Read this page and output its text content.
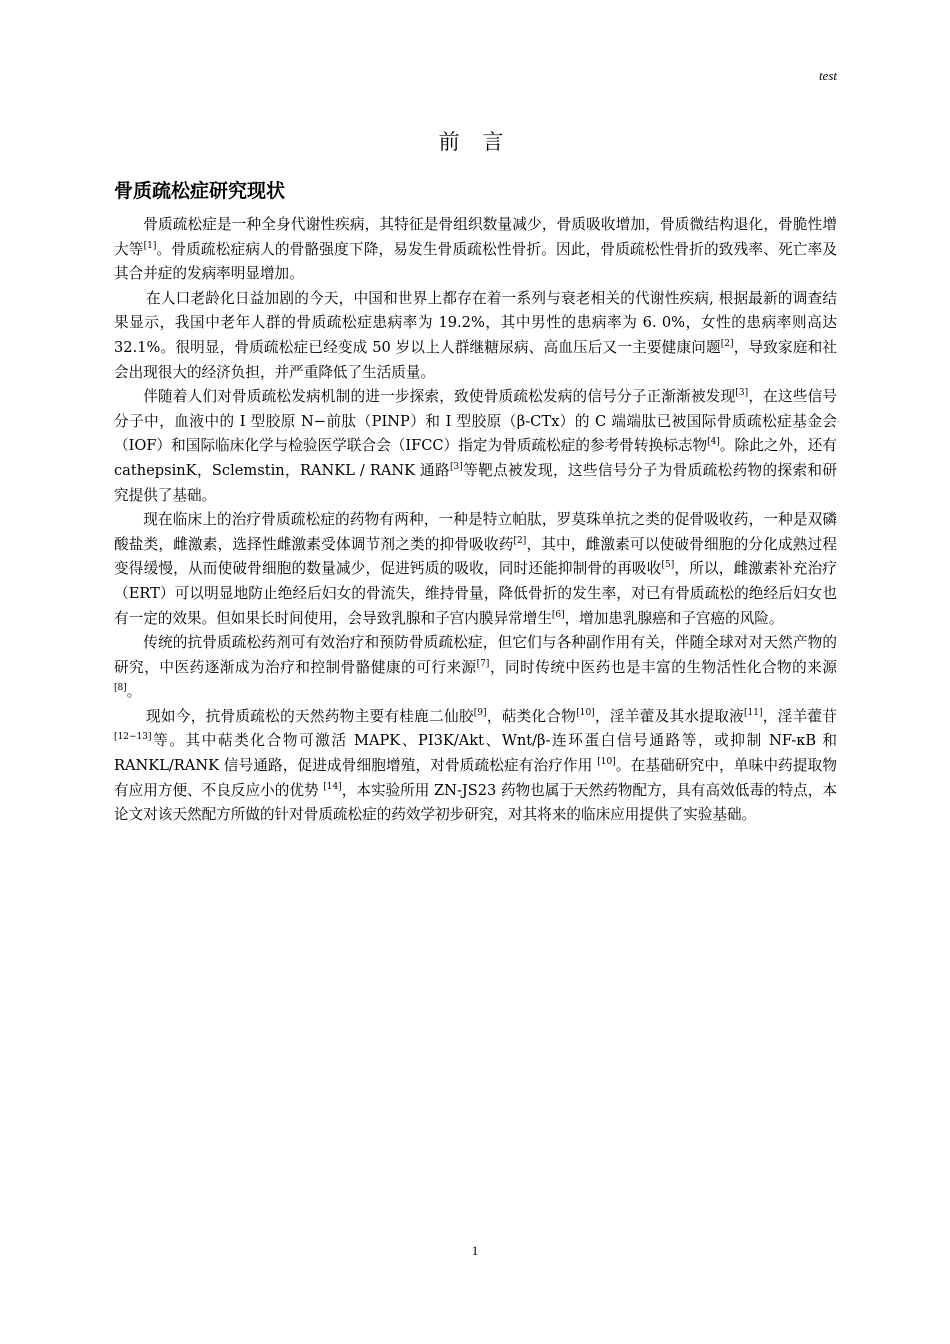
test
前 言
骨质疏松症研究现状

骨质疏松症是一种全身代谢性疾病，其特征是骨组织数量减少，骨质吸收增加，骨质微结构退化，骨脆性增大等[1]。骨质疏松症病人的骨骼强度下降，易发生骨质疏松性骨折。因此，骨质疏松性骨折的致残率、死亡率及其合并症的发病率明显增加。

在人口老龄化日益加剧的今天，中国和世界上都存在着一系列与衰老相关的代谢性疾病, 根据最新的调查结果显示，我国中老年人群的骨质疏松症患病率为 19.2%，其中男性的患病率为 6. 0%，女性的患病率则高达 32.1%。很明显，骨质疏松症已经变成 50 岁以上人群继糖尿病、高血压后又一主要健康问题[2]，导致家庭和社会出现很大的经济负担，并严重降低了生活质量。

伴随着人们对骨质疏松发病机制的进一步探索，致使骨质疏松发病的信号分子正渐渐被发现[3]，在这些信号分子中，血液中的 I 型胶原 N−前肽（PINP）和 I 型胶原（β-CTx）的 C 端端肽已被国际骨质疏松症基金会（IOF）和国际临床化学与检验医学联合会（IFCC）指定为骨质疏松症的参考骨转换标志物[4]。除此之外，还有 cathepsinK，Sclemstin，RANKL / RANK 通路[3]等靶点被发现，这些信号分子为骨质疏松药物的探索和研究提供了基础。

现在临床上的治疗骨质疏松症的药物有两种，一种是特立帕肽，罗莫珠单抗之类的促骨吸收药，一种是双磷酸盐类，雌激素，选择性雌激素受体调节剂之类的抑骨吸收药[2]，其中，雌激素可以使破骨细胞的分化成熟过程变得缓慢，从而使破骨细胞的数量减少，促进钙质的吸收，同时还能抑制骨的再吸收[5]，所以，雌激素补充治疗（ERT）可以明显地防止绝经后妇女的骨流失，维持骨量，降低骨折的发生率，对已有骨质疏松的绝经后妇女也有一定的效果。但如果长时间使用，会导致乳腺和子宫内膜异常增生[6]，增加患乳腺癌和子宫癌的风险。

传统的抗骨质疏松药剂可有效治疗和预防骨质疏松症，但它们与各种副作用有关，伴随全球对对天然产物的研究，中医药逐渐成为治疗和控制骨骼健康的可行来源[7]，同时传统中医药也是丰富的生物活性化合物的来源[8]。

现如今，抗骨质疏松的天然药物主要有桂鹿二仙胶[9]，萜类化合物[10]，淫羊藿及其水提取液[11]，淫羊藿苷[12−13]等。其中萜类化合物可激活 MAPK、PI3K/Akt、Wnt/β-连环蛋白信号通路等，或抑制 NF-κB 和 RANKL/RANK 信号通路，促进成骨细胞增殖，对骨质疏松症有治疗作用 [10]。在基础研究中，单味中药提取物有应用方便、不良反应小的优势 [14]，本实验所用 ZN-JS23 药物也属于天然药物配方，具有高效低毒的特点，本论文对该天然配方所做的针对骨质疏松症的药效学初步研究，对其将来的临床应用提供了实验基础。

1
